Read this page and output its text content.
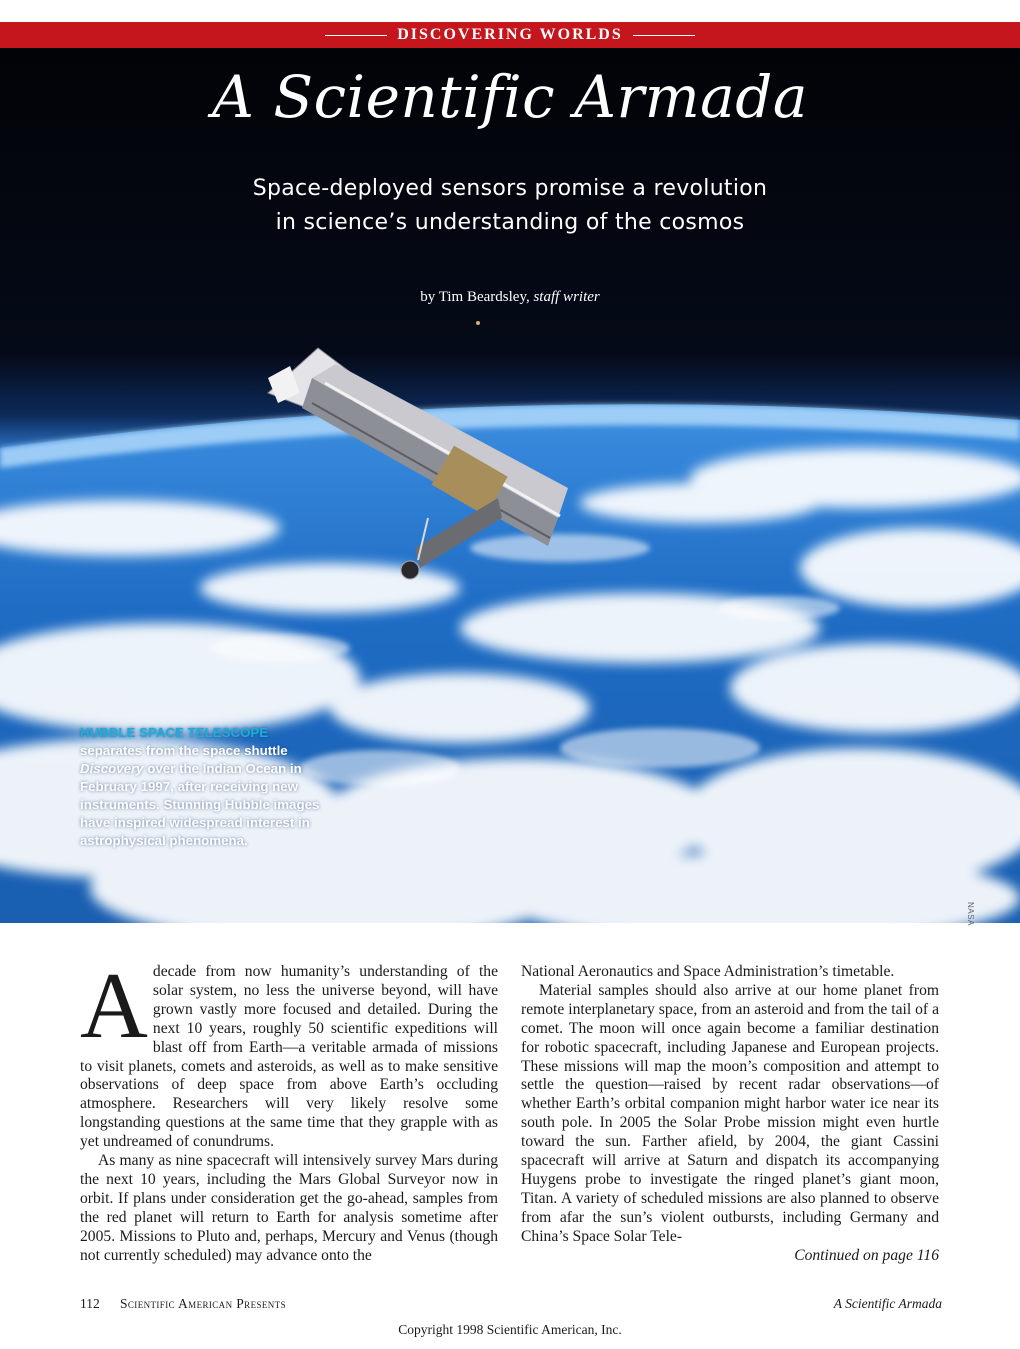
DISCOVERING WORLDS
A Scientific Armada
Space-deployed sensors promise a revolution
in science’s understanding of the cosmos
by Tim Beardsley, staff writer
HUBBLE SPACE TELESCOPE
separates from the space shuttle
Discovery over the Indian Ocean in February 1997, after receiving new instruments. Stunning Hubble images have inspired widespread interest in astrophysical phenomena.
NASA

Adecade from now humanity’s understanding of the solar system, no less the universe beyond, will have grown vastly more focused and detailed. During the next 10 years, roughly 50 scientific expeditions will blast off from Earth—a veritable armada of missions to visit planets, comets and asteroids, as well as to make sensitive observations of deep space from above Earth’s occluding atmosphere. Researchers will very likely resolve some longstanding questions at the same time that they grapple with as yet undreamed of conundrums.

As many as nine spacecraft will intensively survey Mars during the next 10 years, including the Mars Global Surveyor now in orbit. If plans under consideration get the go-ahead, samples from the red planet will return to Earth for analysis sometime after 2005. Missions to Pluto and, perhaps, Mercury and Venus (though not currently scheduled) may advance onto the

National Aeronautics and Space Administration’s timetable.

Material samples should also arrive at our home planet from remote interplanetary space, from an asteroid and from the tail of a comet. The moon will once again become a familiar destination for robotic spacecraft, including Japanese and European projects. These missions will map the moon’s composition and attempt to settle the question—raised by recent radar observations—of whether Earth’s orbital companion might harbor water ice near its south pole. In 2005 the Solar Probe mission might even hurtle toward the sun. Farther afield, by 2004, the giant Cassini spacecraft will arrive at Saturn and dispatch its accompanying Huygens probe to investigate the ringed planet’s giant moon, Titan. A variety of scheduled missions are also planned to observe from afar the sun’s violent outbursts, including Germany and China’s Space Solar Tele-

Continued on page 116
112 Scientific American Presents	A Scientific Armada
Copyright 1998 Scientific American, Inc.
